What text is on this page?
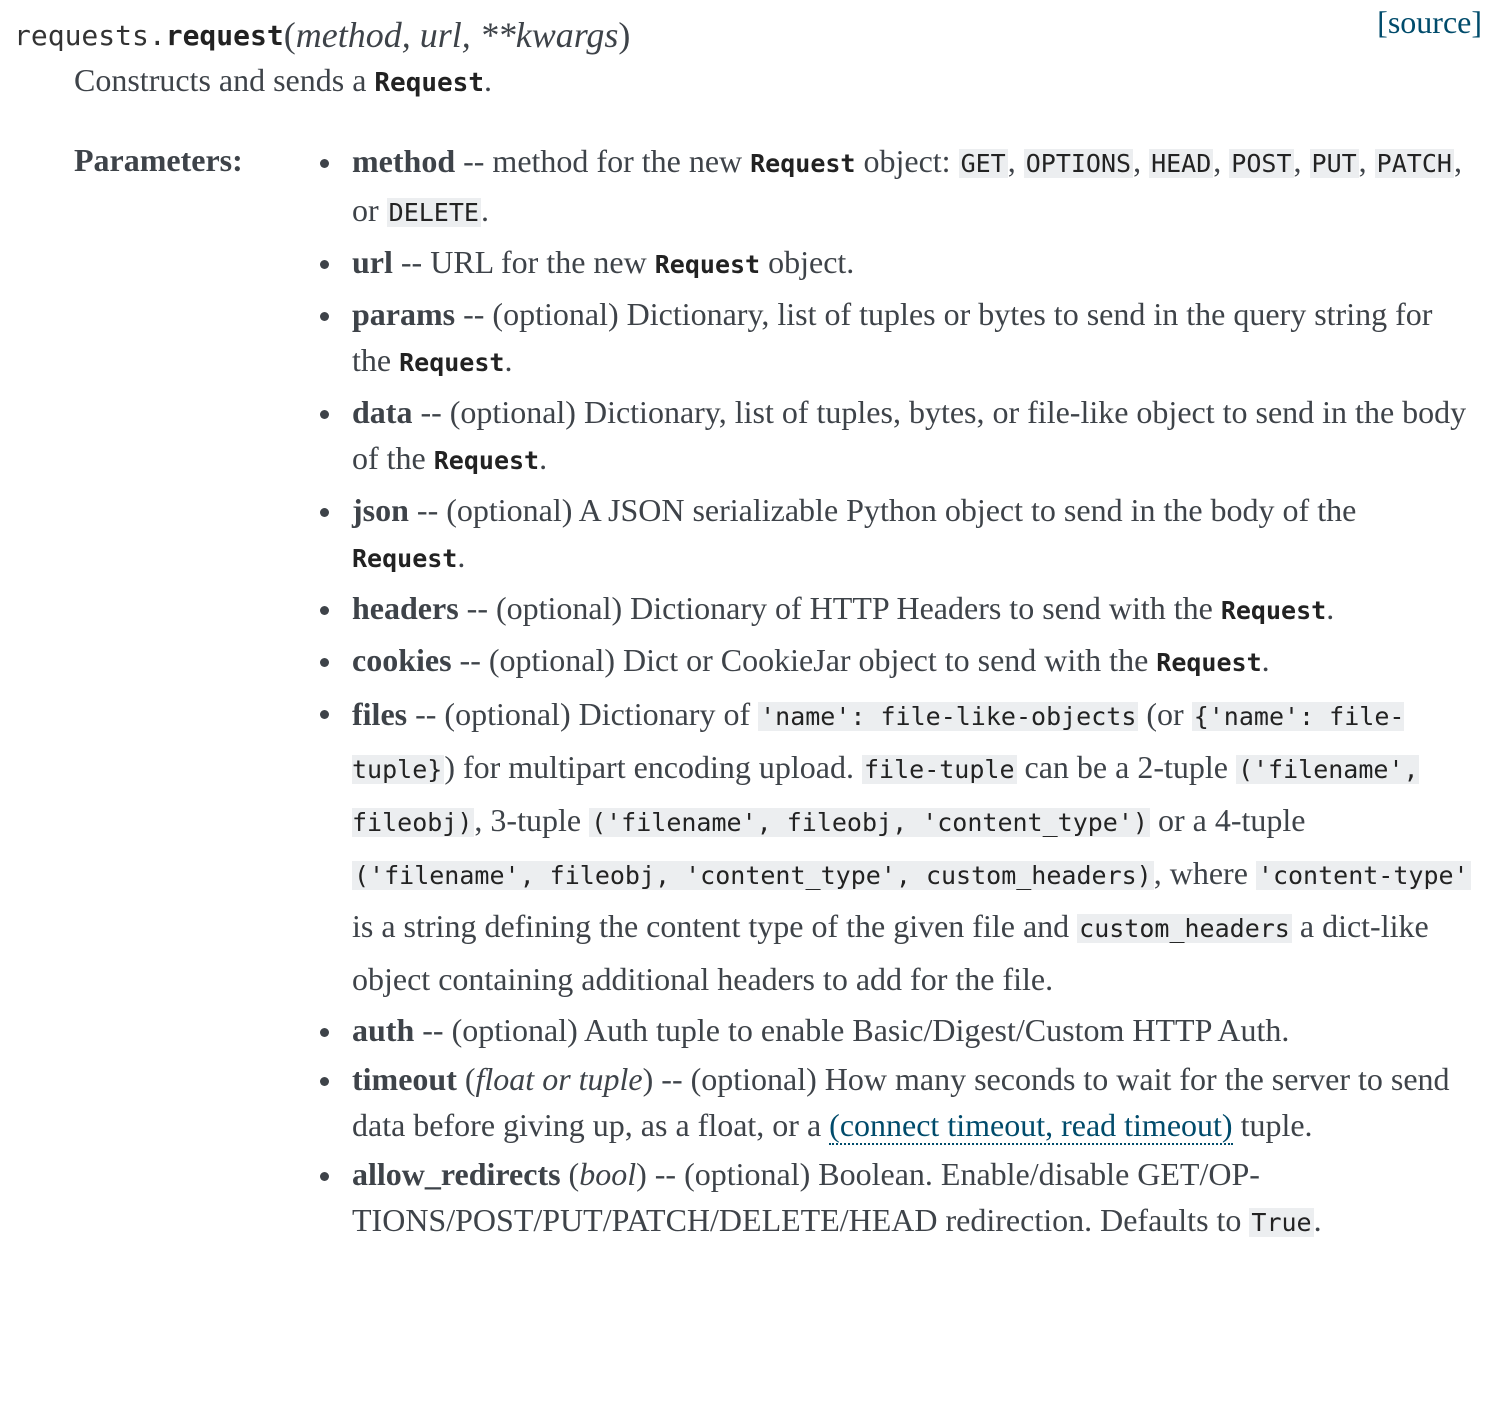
requests.request(method, url, **kwargs)	[source]
Constructs and sends a Request.
Parameters:	method -- method for the new Request object: GET, OPTIONS, HEAD, POST, PUT, PATCH, or DELETE.
url -- URL for the new Request object.
params -- (optional) Dictionary, list of tuples or bytes to send in the query string for the Request.
data -- (optional) Dictionary, list of tuples, bytes, or file-like object to send in the body of the Request.
json -- (optional) A JSON serializable Python object to send in the body of the Request.
headers -- (optional) Dictionary of HTTP Headers to send with the Request.
cookies -- (optional) Dict or CookieJar object to send with the Request.
files -- (optional) Dictionary of 'name': file-like-objects (or {'name': file-tuple}) for multipart encoding upload. file-tuple can be a 2-tuple ('filename', fileobj), 3-tuple ('filename', fileobj, 'content_type') or a 4-tuple ('filename', fileobj, 'content_type', custom_headers), where 'content-type' is a string defining the content type of the given file and custom_headers a dict-like object containing additional headers to add for the file.
auth -- (optional) Auth tuple to enable Basic/Digest/Custom HTTP Auth.
timeout (float or tuple) -- (optional) How many seconds to wait for the server to send data before giving up, as a float, or a (connect timeout, read timeout) tuple.
allow_redirects (bool) -- (optional) Boolean. Enable/disable GET/OPTIONS/POST/PUT/PATCH/DELETE/HEAD redirection. Defaults to True.
